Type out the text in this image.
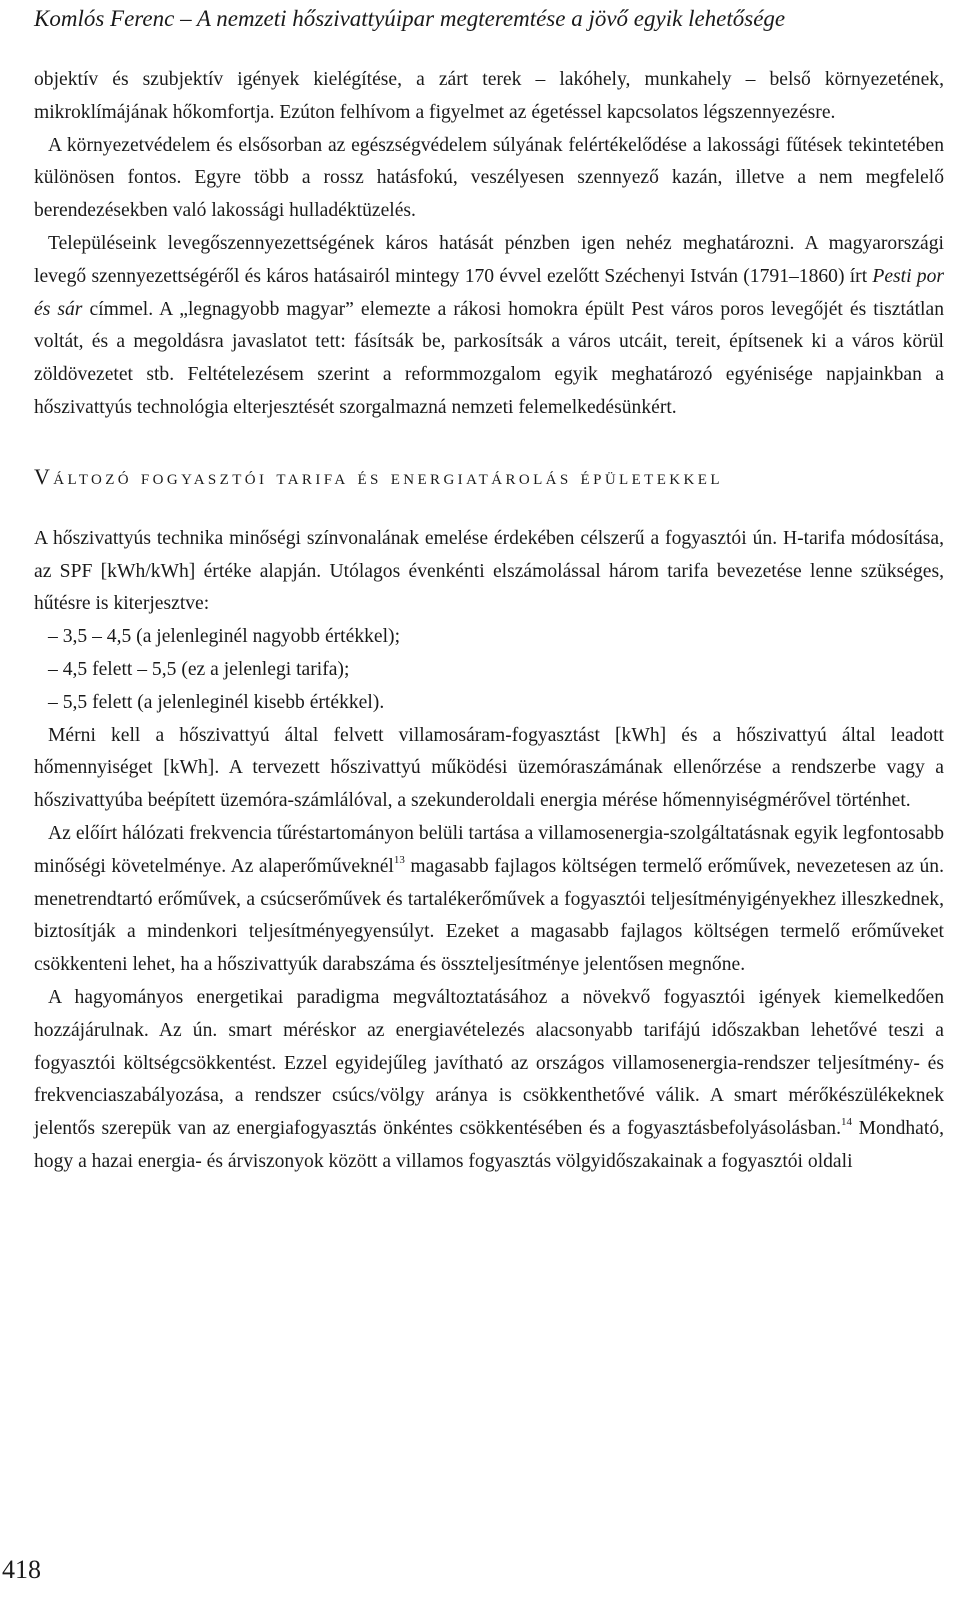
Komlós Ferenc – A nemzeti hőszivattyúipar megteremtése a jövő egyik lehetősége

objektív és szubjektív igények kielégítése, a zárt terek – lakóhely, munkahely – belső környezetének, mikroklímájának hőkomfortja. Ezúton felhívom a figyelmet az égetéssel kapcsolatos légszennyezésre.

A környezetvédelem és elsősorban az egészségvédelem súlyának felértékelődése a lakossági fűtések tekintetében különösen fontos. Egyre több a rossz hatásfokú, veszélyesen szennyező kazán, illetve a nem megfelelő berendezésekben való lakossági hulladéktüzelés.

Településeink levegőszennyezettségének káros hatását pénzben igen nehéz meghatározni. A magyarországi levegő szennyezettségéről és káros hatásairól mintegy 170 évvel ezelőtt Széchenyi István (1791–1860) írt Pesti por és sár címmel. A „legnagyobb magyar” elemezte a rákosi homokra épült Pest város poros levegőjét és tisztátlan voltát, és a megoldásra javaslatot tett: fásítsák be, parkosítsák a város utcáit, tereit, építsenek ki a város körül zöldövezetet stb. Feltételezésem szerint a reformmozgalom egyik meghatározó egyénisége napjainkban a hőszivattyús technológia elterjesztését szorgalmazná nemzeti felemelkedésünkért.

Változó fogyasztói tarifa és energiatárolás épületekkel

A hőszivattyús technika minőségi színvonalának emelése érdekében célszerű a fogyasztói ún. H-tarifa módosítása, az SPF [kWh/kWh] értéke alapján. Utólagos évenkénti elszámolással három tarifa bevezetése lenne szükséges, hűtésre is kiterjesztve:

– 3,5 – 4,5 (a jelenleginél nagyobb értékkel);
– 4,5 felett – 5,5 (ez a jelenlegi tarifa);
– 5,5 felett (a jelenleginél kisebb értékkel).

Mérni kell a hőszivattyú által felvett villamosáram-fogyasztást [kWh] és a hőszivattyú által leadott hőmennyiséget [kWh]. A tervezett hőszivattyú működési üzemóraszámának ellenőrzése a rendszerbe vagy a hőszivattyúba beépített üzemóra-számlálóval, a szekunderoldali energia mérése hőmennyiségmérővel történhet.

Az előírt hálózati frekvencia tűréstartományon belüli tartása a villamosenergia-szolgáltatásnak egyik legfontosabb minőségi követelménye. Az alaperőműveknél$^{13}$ magasabb fajlagos költségen termelő erőművek, nevezetesen az ún. menetrendtartó erőművek, a csúcserőművek és tartalékerőművek a fogyasztói teljesítményigényekhez illeszkednek, biztosítják a mindenkori teljesítményegyensúlyt. Ezeket a magasabb fajlagos költségen termelő erőműveket csökkenteni lehet, ha a hőszivattyúk darabszáma és összteljesítménye jelentősen megnőne.

A hagyományos energetikai paradigma megváltoztatásához a növekvő fogyasztói igények kiemelkedően hozzájárulnak. Az ún. smart méréskor az energiavételezés alacsonyabb tarifájú időszakban lehetővé teszi a fogyasztói költségcsökkentést. Ezzel egyidejűleg javítható az országos villamosenergia-rendszer teljesítmény- és frekvenciaszabályozása, a rendszer csúcs/völgy aránya is csökkenthetővé válik. A smart mérőkészülékeknek jelentős szerepük van az energiafogyasztás önkéntes csökkentésében és a fogyasztásbefolyásolásban.$^{14}$ Mondható, hogy a hazai energia- és árviszonyok között a villamos fogyasztás völgyidőszakainak a fogyasztói oldali

418
